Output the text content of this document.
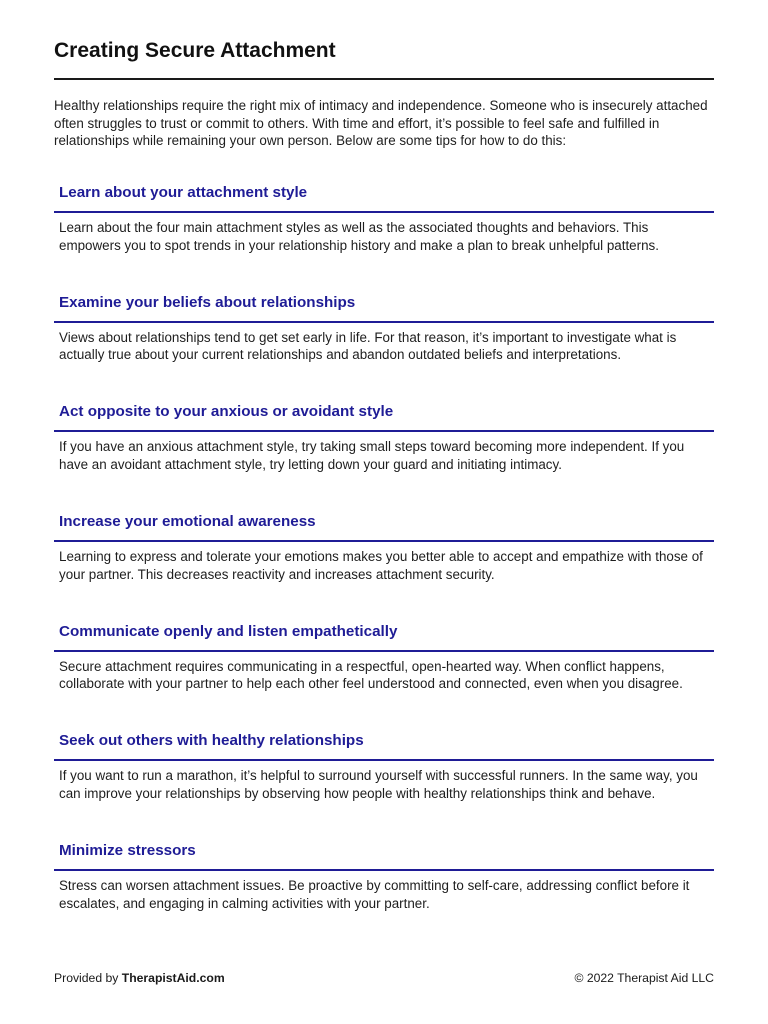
Creating Secure Attachment

Healthy relationships require the right mix of intimacy and independence. Someone who is insecurely attached often struggles to trust or commit to others. With time and effort, it’s possible to feel safe and fulfilled in relationships while remaining your own person. Below are some tips for how to do this:

Learn about your attachment style

Learn about the four main attachment styles as well as the associated thoughts and behaviors. This empowers you to spot trends in your relationship history and make a plan to break unhelpful patterns.

Examine your beliefs about relationships

Views about relationships tend to get set early in life. For that reason, it’s important to investigate what is actually true about your current relationships and abandon outdated beliefs and interpretations.

Act opposite to your anxious or avoidant style

If you have an anxious attachment style, try taking small steps toward becoming more independent. If you have an avoidant attachment style, try letting down your guard and initiating intimacy.

Increase your emotional awareness

Learning to express and tolerate your emotions makes you better able to accept and empathize with those of your partner. This decreases reactivity and increases attachment security.

Communicate openly and listen empathetically

Secure attachment requires communicating in a respectful, open-hearted way. When conflict happens, collaborate with your partner to help each other feel understood and connected, even when you disagree.

Seek out others with healthy relationships

If you want to run a marathon, it’s helpful to surround yourself with successful runners. In the same way, you can improve your relationships by observing how people with healthy relationships think and behave.

Minimize stressors

Stress can worsen attachment issues. Be proactive by committing to self-care, addressing conflict before it escalates, and engaging in calming activities with your partner.

Provided by TherapistAid.com	© 2022 Therapist Aid LLC
